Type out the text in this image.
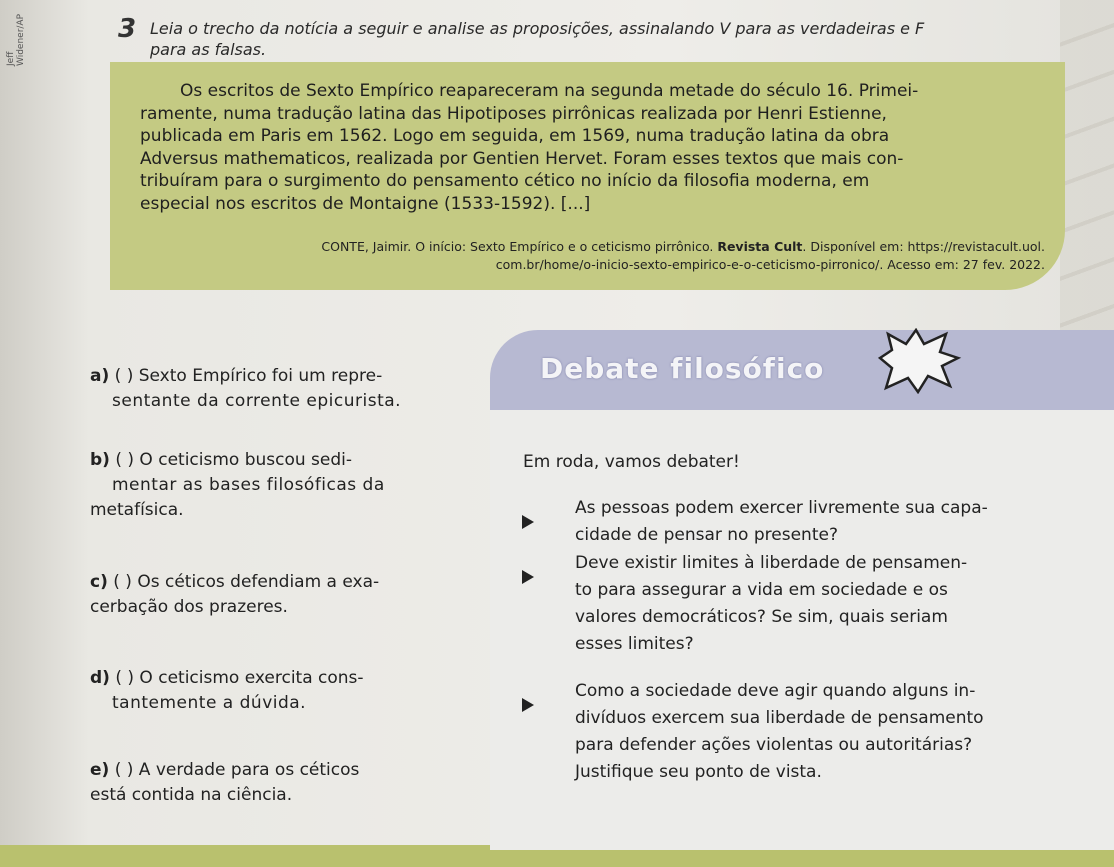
Jeff Widener/AP	3 Leia o trecho da notícia a seguir e analise as proposições, assinalando V para as verdadeiras e F
para as falsas.
Os escritos de Sexto Empírico reapareceram na segunda metade do século 16. Primei-
ramente, numa tradução latina das Hipotiposes pirrônicas realizada por Henri Estienne,
publicada em Paris em 1562. Logo em seguida, em 1569, numa tradução latina da obra
Adversus mathematicos, realizada por Gentien Hervet. Foram esses textos que mais con-
tribuíram para o surgimento do pensamento cético no início da filosofia moderna, em
especial nos escritos de Montaigne (1533-1592). [...]
CONTE, Jaimir. O início: Sexto Empírico e o ceticismo pirrônico. Revista Cult. Disponível em: https://revistacult.uol.
com.br/home/o-inicio-sexto-empirico-e-o-ceticismo-pirronico/. Acesso em: 27 fev. 2022.
a) ( ) Sexto Empírico foi um repre-
sentante da corrente epicurista.
b) ( ) O ceticismo buscou sedi-
mentar as bases filosóficas da
metafísica.
c) ( ) Os céticos defendiam a exa-
cerbação dos prazeres.
d) ( ) O ceticismo exercita cons-
tantemente a dúvida.
e) ( ) A verdade para os céticos
está contida na ciência.
Debate filosófico
Em roda, vamos debater!
As pessoas podem exercer livremente sua capa-
cidade de pensar no presente?
Deve existir limites à liberdade de pensamen-
to para assegurar a vida em sociedade e os
valores democráticos? Se sim, quais seriam
esses limites?
Como a sociedade deve agir quando alguns in-
divíduos exercem sua liberdade de pensamento
para defender ações violentas ou autoritárias?
Justifique seu ponto de vista.
